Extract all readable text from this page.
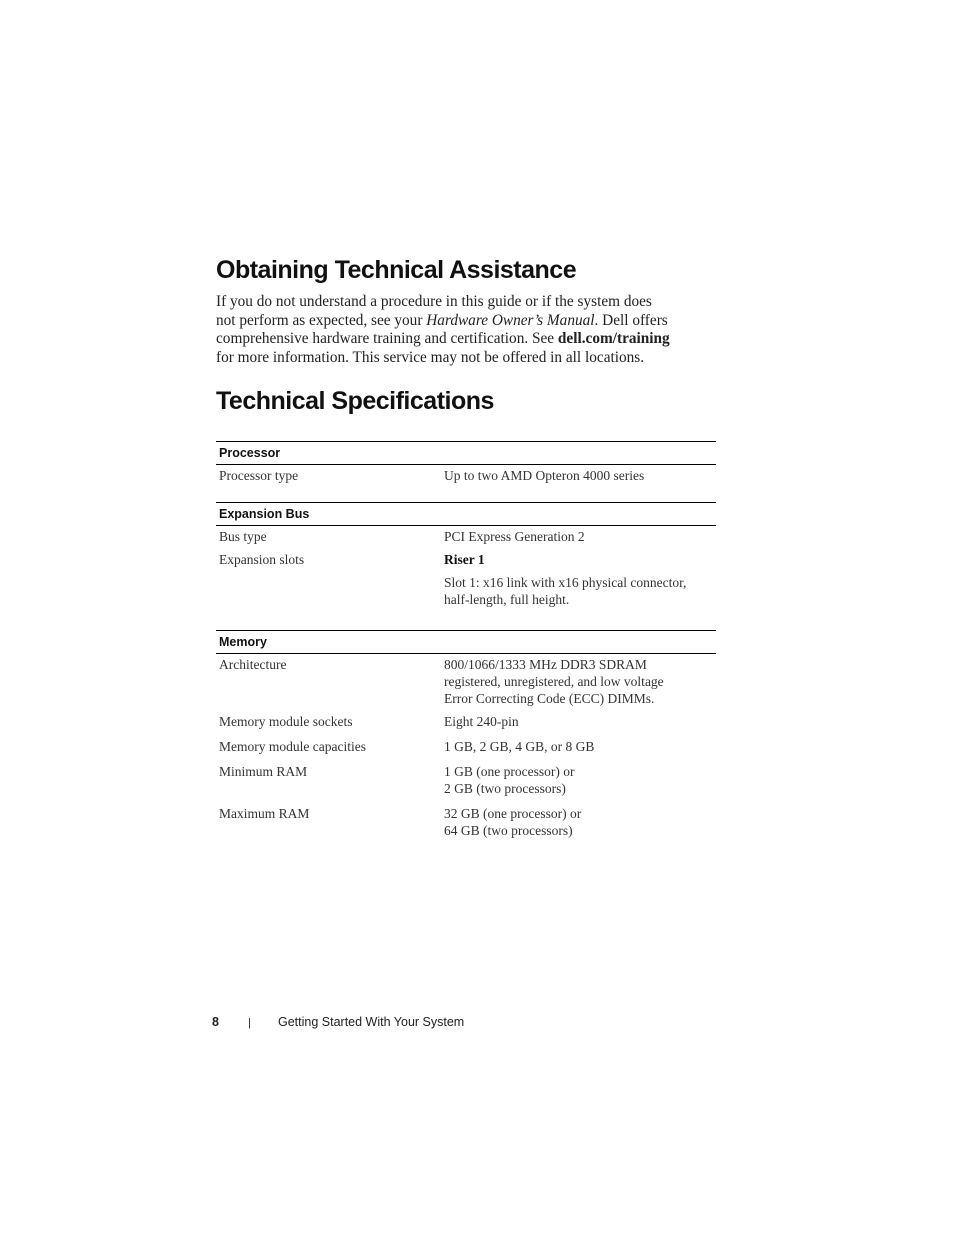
Obtaining Technical Assistance
If you do not understand a procedure in this guide or if the system does
not perform as expected, see your Hardware Owner’s Manual. Dell offers
comprehensive hardware training and certification. See dell.com/training
for more information. This service may not be offered in all locations.
Technical Specifications
Processor
Processor type	Up to two AMD Opteron 4000 series
Expansion Bus
Bus type	PCI Express Generation 2
Expansion slots	Riser 1
Slot 1: x16 link with x16 physical connector,
half-length, full height.
Memory
Architecture	800/1066/1333 MHz DDR3 SDRAM
registered, unregistered, and low voltage
Error Correcting Code (ECC) DIMMs.
Memory module sockets	Eight 240-pin
Memory module capacities	1 GB, 2 GB, 4 GB, or 8 GB
Minimum RAM	1 GB (one processor) or
2 GB (two processors)
Maximum RAM	32 GB (one processor) or
64 GB (two processors)
8	| Getting Started With Your System
